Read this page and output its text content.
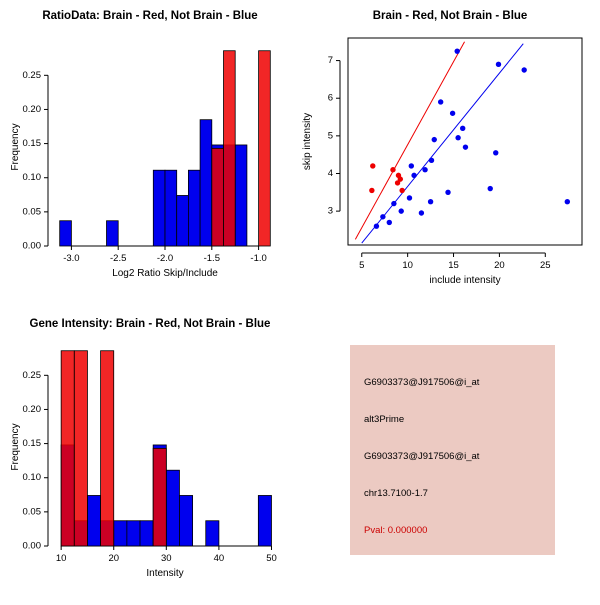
RatioData: Brain - Red, Not Brain - Blue
-3.0	-2.5	-2.0	-1.5	-1.0
0.00
0.05
0.10
0.15
0.20
0.25
Log2 Ratio Skip/Include
Frequency
Brain - Red, Not Brain - Blue
5	10	15	20	25
3
4
5
6
7
include intensity
skip intensity
Gene Intensity: Brain - Red, Not Brain - Blue
10	20	30	40	50
0.00
0.05
0.10
0.15
0.20
0.25
Intensity
Frequency
G6903373@J917506@i_at
alt3Prime
G6903373@J917506@i_at
chr13.7100-1.7
Pval: 0.000000
